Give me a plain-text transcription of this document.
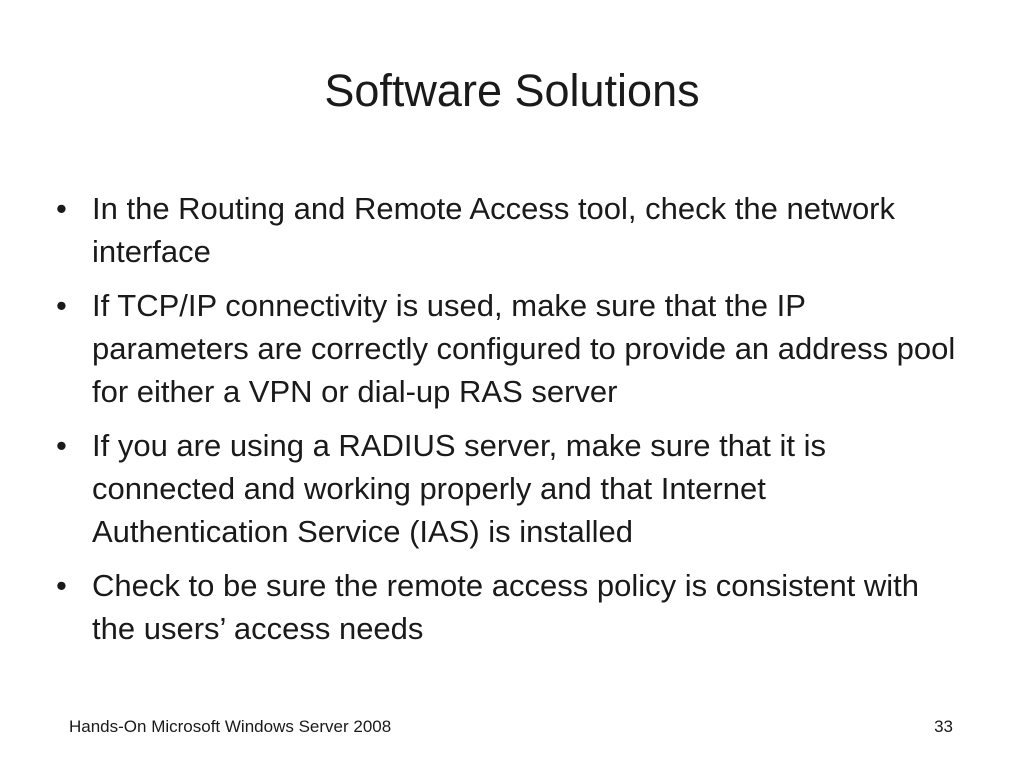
Software Solutions
• In the Routing and Remote Access tool, check the network interface
• If TCP/IP connectivity is used, make sure that the IP parameters are correctly configured to provide an address pool for either a VPN or dial-up RAS server
• If you are using a RADIUS server, make sure that it is connected and working properly and that Internet Authentication Service (IAS) is installed
• Check to be sure the remote access policy is consistent with the users’ access needs
Hands-On Microsoft Windows Server 2008	33
